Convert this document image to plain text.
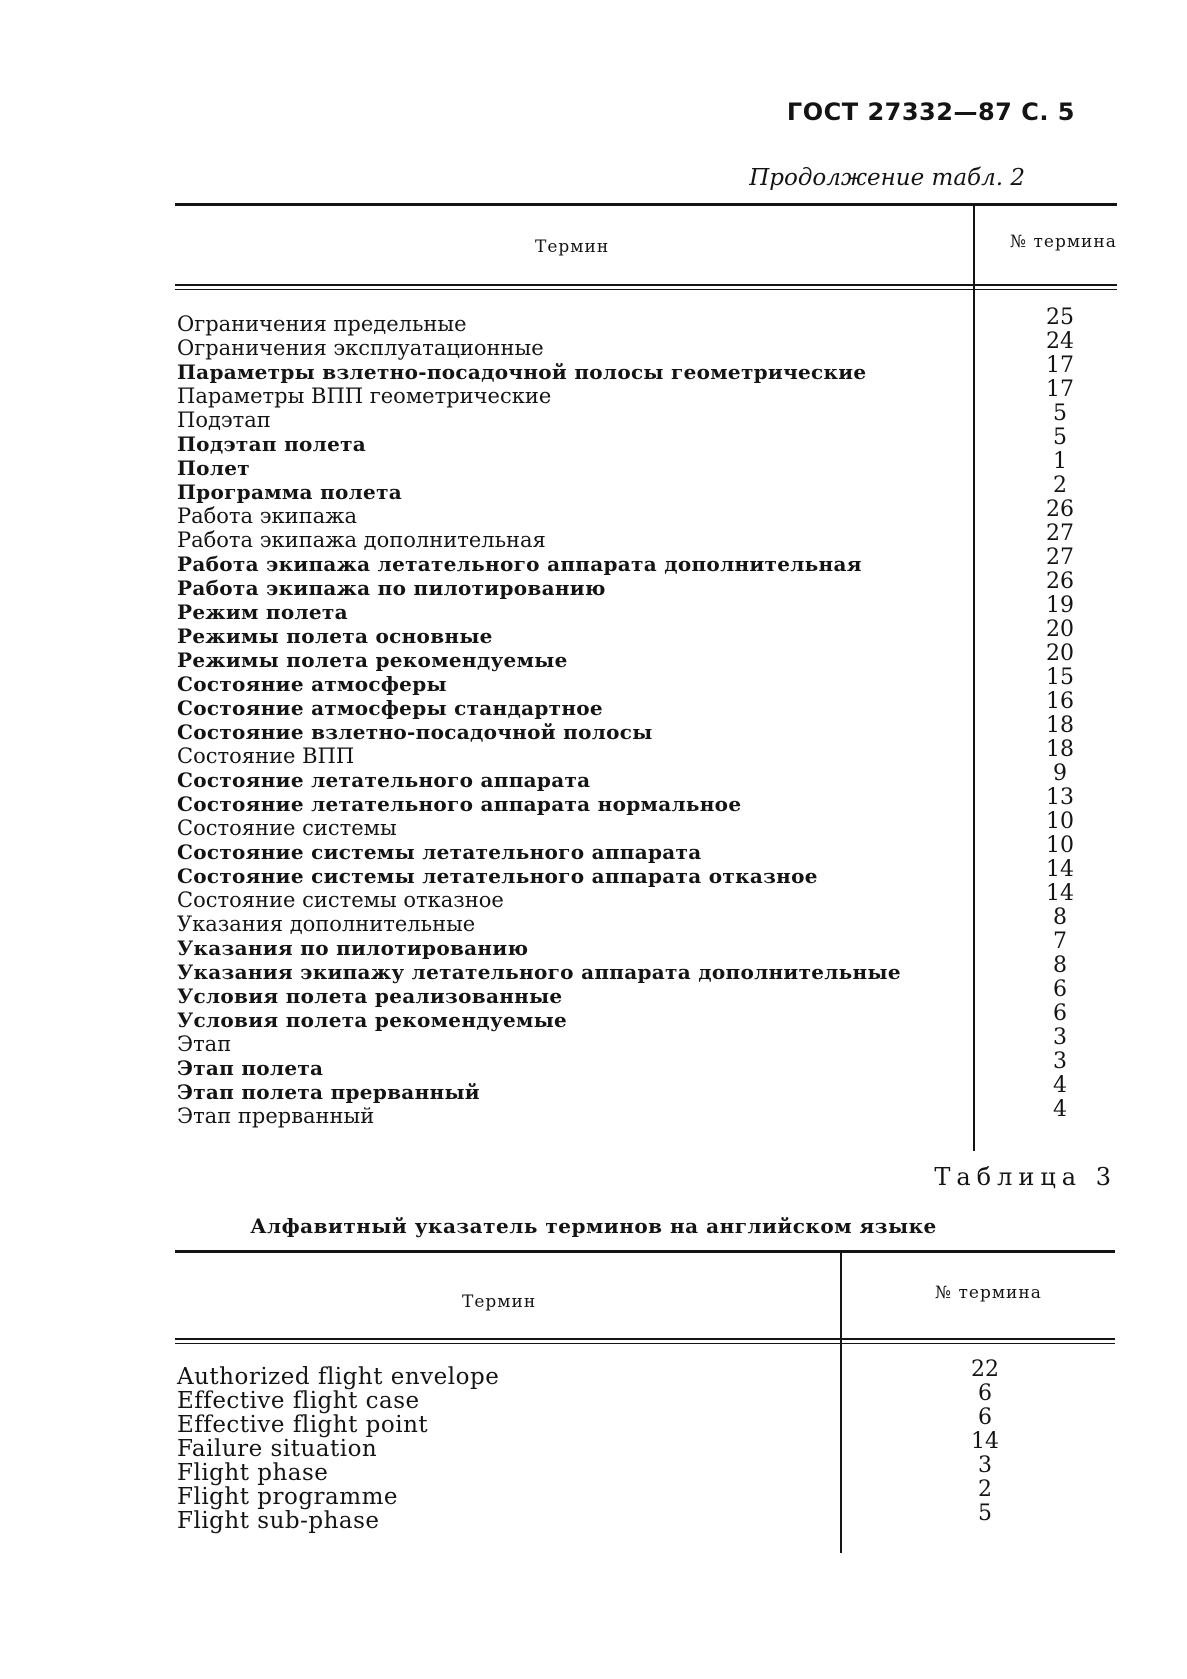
ГОСТ 27332—87 С. 5
Продолжение табл. 2
Термин	№ термина
Ограничения предельные
Ограничения эксплуатационные
Параметры взлетно-посадочной полосы геометрические
Параметры ВПП геометрические
Подэтап
Подэтап полета
Полет
Программа полета
Работа экипажа
Работа экипажа дополнительная
Работа экипажа летательного аппарата дополнительная
Работа экипажа по пилотированию
Режим полета
Режимы полета основные
Режимы полета рекомендуемые
Состояние атмосферы
Состояние атмосферы стандартное
Состояние взлетно-посадочной полосы
Состояние ВПП
Состояние летательного аппарата
Состояние летательного аппарата нормальное
Состояние системы
Состояние системы летательного аппарата
Состояние системы летательного аппарата отказное
Состояние системы отказное
Указания дополнительные
Указания по пилотированию
Указания экипажу летательного аппарата дополнительные
Условия полета реализованные
Условия полета рекомендуемые
Этап
Этап полета
Этап полета прерванный
Этап прерванный
25
24
17
17
5
5
1
2
26
27
27
26
19
20
20
15
16
18
18
9
13
10
10
14
14
8
7
8
6
6
3
3
4
4
Таблица 3
Алфавитный указатель терминов на английском языке
Термин	№ термина
Authorized flight envelope
Effective flight case
Effective flight point
Failure situation
Flight phase
Flight programme
Flight sub-phase
22
6
6
14
3
2
5
